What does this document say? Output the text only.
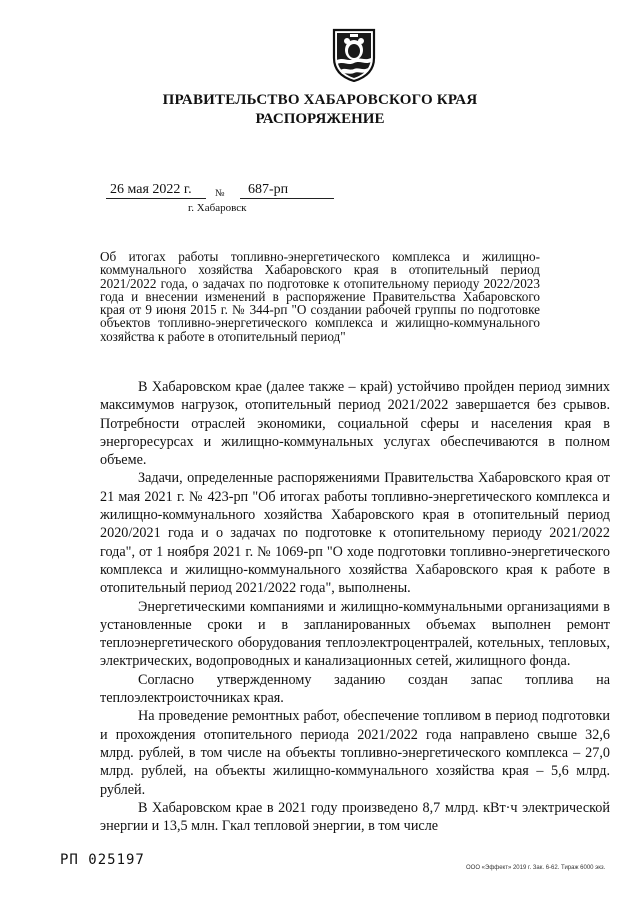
ПРАВИТЕЛЬСТВО ХАБАРОВСКОГО КРАЯ
РАСПОРЯЖЕНИЕ
26 мая 2022 г. № 687-рп
г. Хабаровск
Об итогах работы топливно-энергетического комплекса и жилищно-коммунального хозяйства Хабаровского края в отопительный период 2021/2022 года, о задачах по подготовке к отопительному периоду 2022/2023 года и внесении изменений в распоряжение Правительства Хабаровского края от 9 июня 2015 г. № 344-рп "О создании рабочей группы по подготовке объектов топливно-энергетического комплекса и жилищно-коммунального хозяйства к работе в отопительный период"

В Хабаровском крае (далее также – край) устойчиво пройден период зимних максимумов нагрузок, отопительный период 2021/2022 завершается без срывов. Потребности отраслей экономики, социальной сферы и населения края в энергоресурсах и жилищно-коммунальных услугах обеспечиваются в полном объеме.

Задачи, определенные распоряжениями Правительства Хабаровского края от 21 мая 2021 г. № 423-рп "Об итогах работы топливно-энергетического комплекса и жилищно-коммунального хозяйства Хабаровского края в отопительный период 2020/2021 года и о задачах по подготовке к отопительному периоду 2021/2022 года", от 1 ноября 2021 г. № 1069-рп "О ходе подготовки топливно-энергетического комплекса и жилищно-коммунального хозяйства Хабаровского края к работе в отопительный период 2021/2022 года", выполнены.

Энергетическими компаниями и жилищно-коммунальными организациями в установленные сроки и в запланированных объемах выполнен ремонт теплоэнергетического оборудования теплоэлектроцентралей, котельных, тепловых, электрических, водопроводных и канализационных сетей, жилищного фонда.

Согласно утвержденному заданию создан запас топлива на теплоэлектроисточниках края.

На проведение ремонтных работ, обеспечение топливом в период подготовки и прохождения отопительного периода 2021/2022 года направлено свыше 32,6 млрд. рублей, в том числе на объекты топливно-энергетического комплекса – 27,0 млрд. рублей, на объекты жилищно-коммунального хозяйства края – 5,6 млрд. рублей.

В Хабаровском крае в 2021 году произведено 8,7 млрд. кВт·ч электрической энергии и 13,5 млн. Гкал тепловой энергии, в том числе

РП 025197	ООО «Эффект» 2019 г. Зак. 6-62. Тираж 6000 экз.
